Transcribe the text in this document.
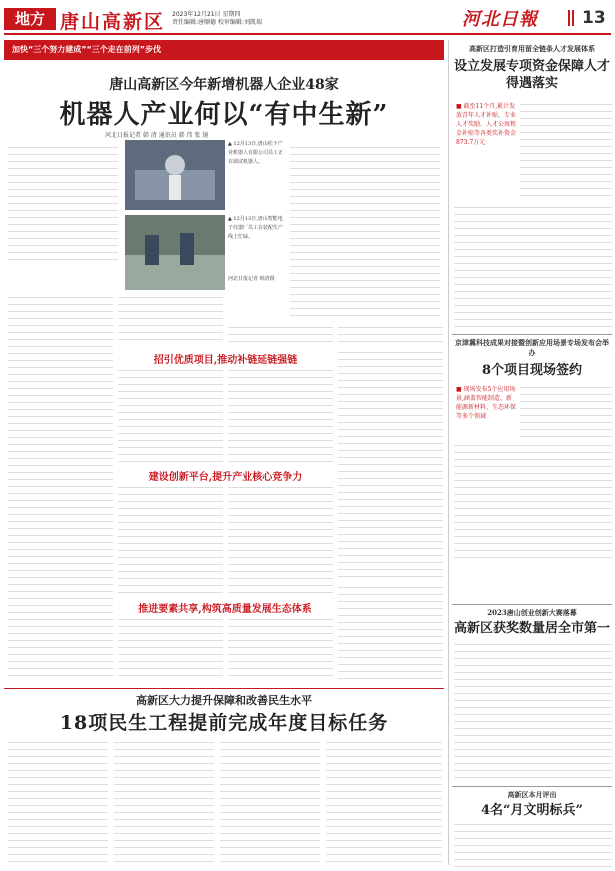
地方 唐山高新区 2023年12月21日 星期四
责任编辑:唐顺德 校审编辑:刘凯瑞	河北日報	13
加快“三个努力建成”“三个走在前列”步伐
唐山高新区今年新增机器人企业48家
机器人产业何以“有中生新”
河北日报记者 韩 清 通讯员 韩 伟 张 镜
▲ 12月13日,唐山松下产业机器人有限公司员工正在调试机器人。
▲ 12月13日,唐山智能电子仪器厂员工在装配生产线上忙碌。
河北日报记者 韩清摄
招引优质项目,推动补链延链强链
建设创新平台,提升产业核心竞争力
推进要素共享,构筑高质量发展生态体系
高新区打造引育用留全链条人才发展体系
设立发展专项资金保障人才得遇落实
■ 截至11个月,累计发放青年人才补贴、专业人才奖励、人才公寓租金补贴等各类奖补资金873.7万元
京津冀科技成果对接暨创新应用场景专场发布会举办
8个项目现场签约
■ 现场发布5个应用场景,涵盖智能制造、新能源新材料、生态环保等多个领域
2023唐山创业创新大赛落幕
高新区获奖数量居全市第一
高新区本月评出
4名“月文明标兵”
高新区大力提升保障和改善民生水平
18项民生工程提前完成年度目标任务
